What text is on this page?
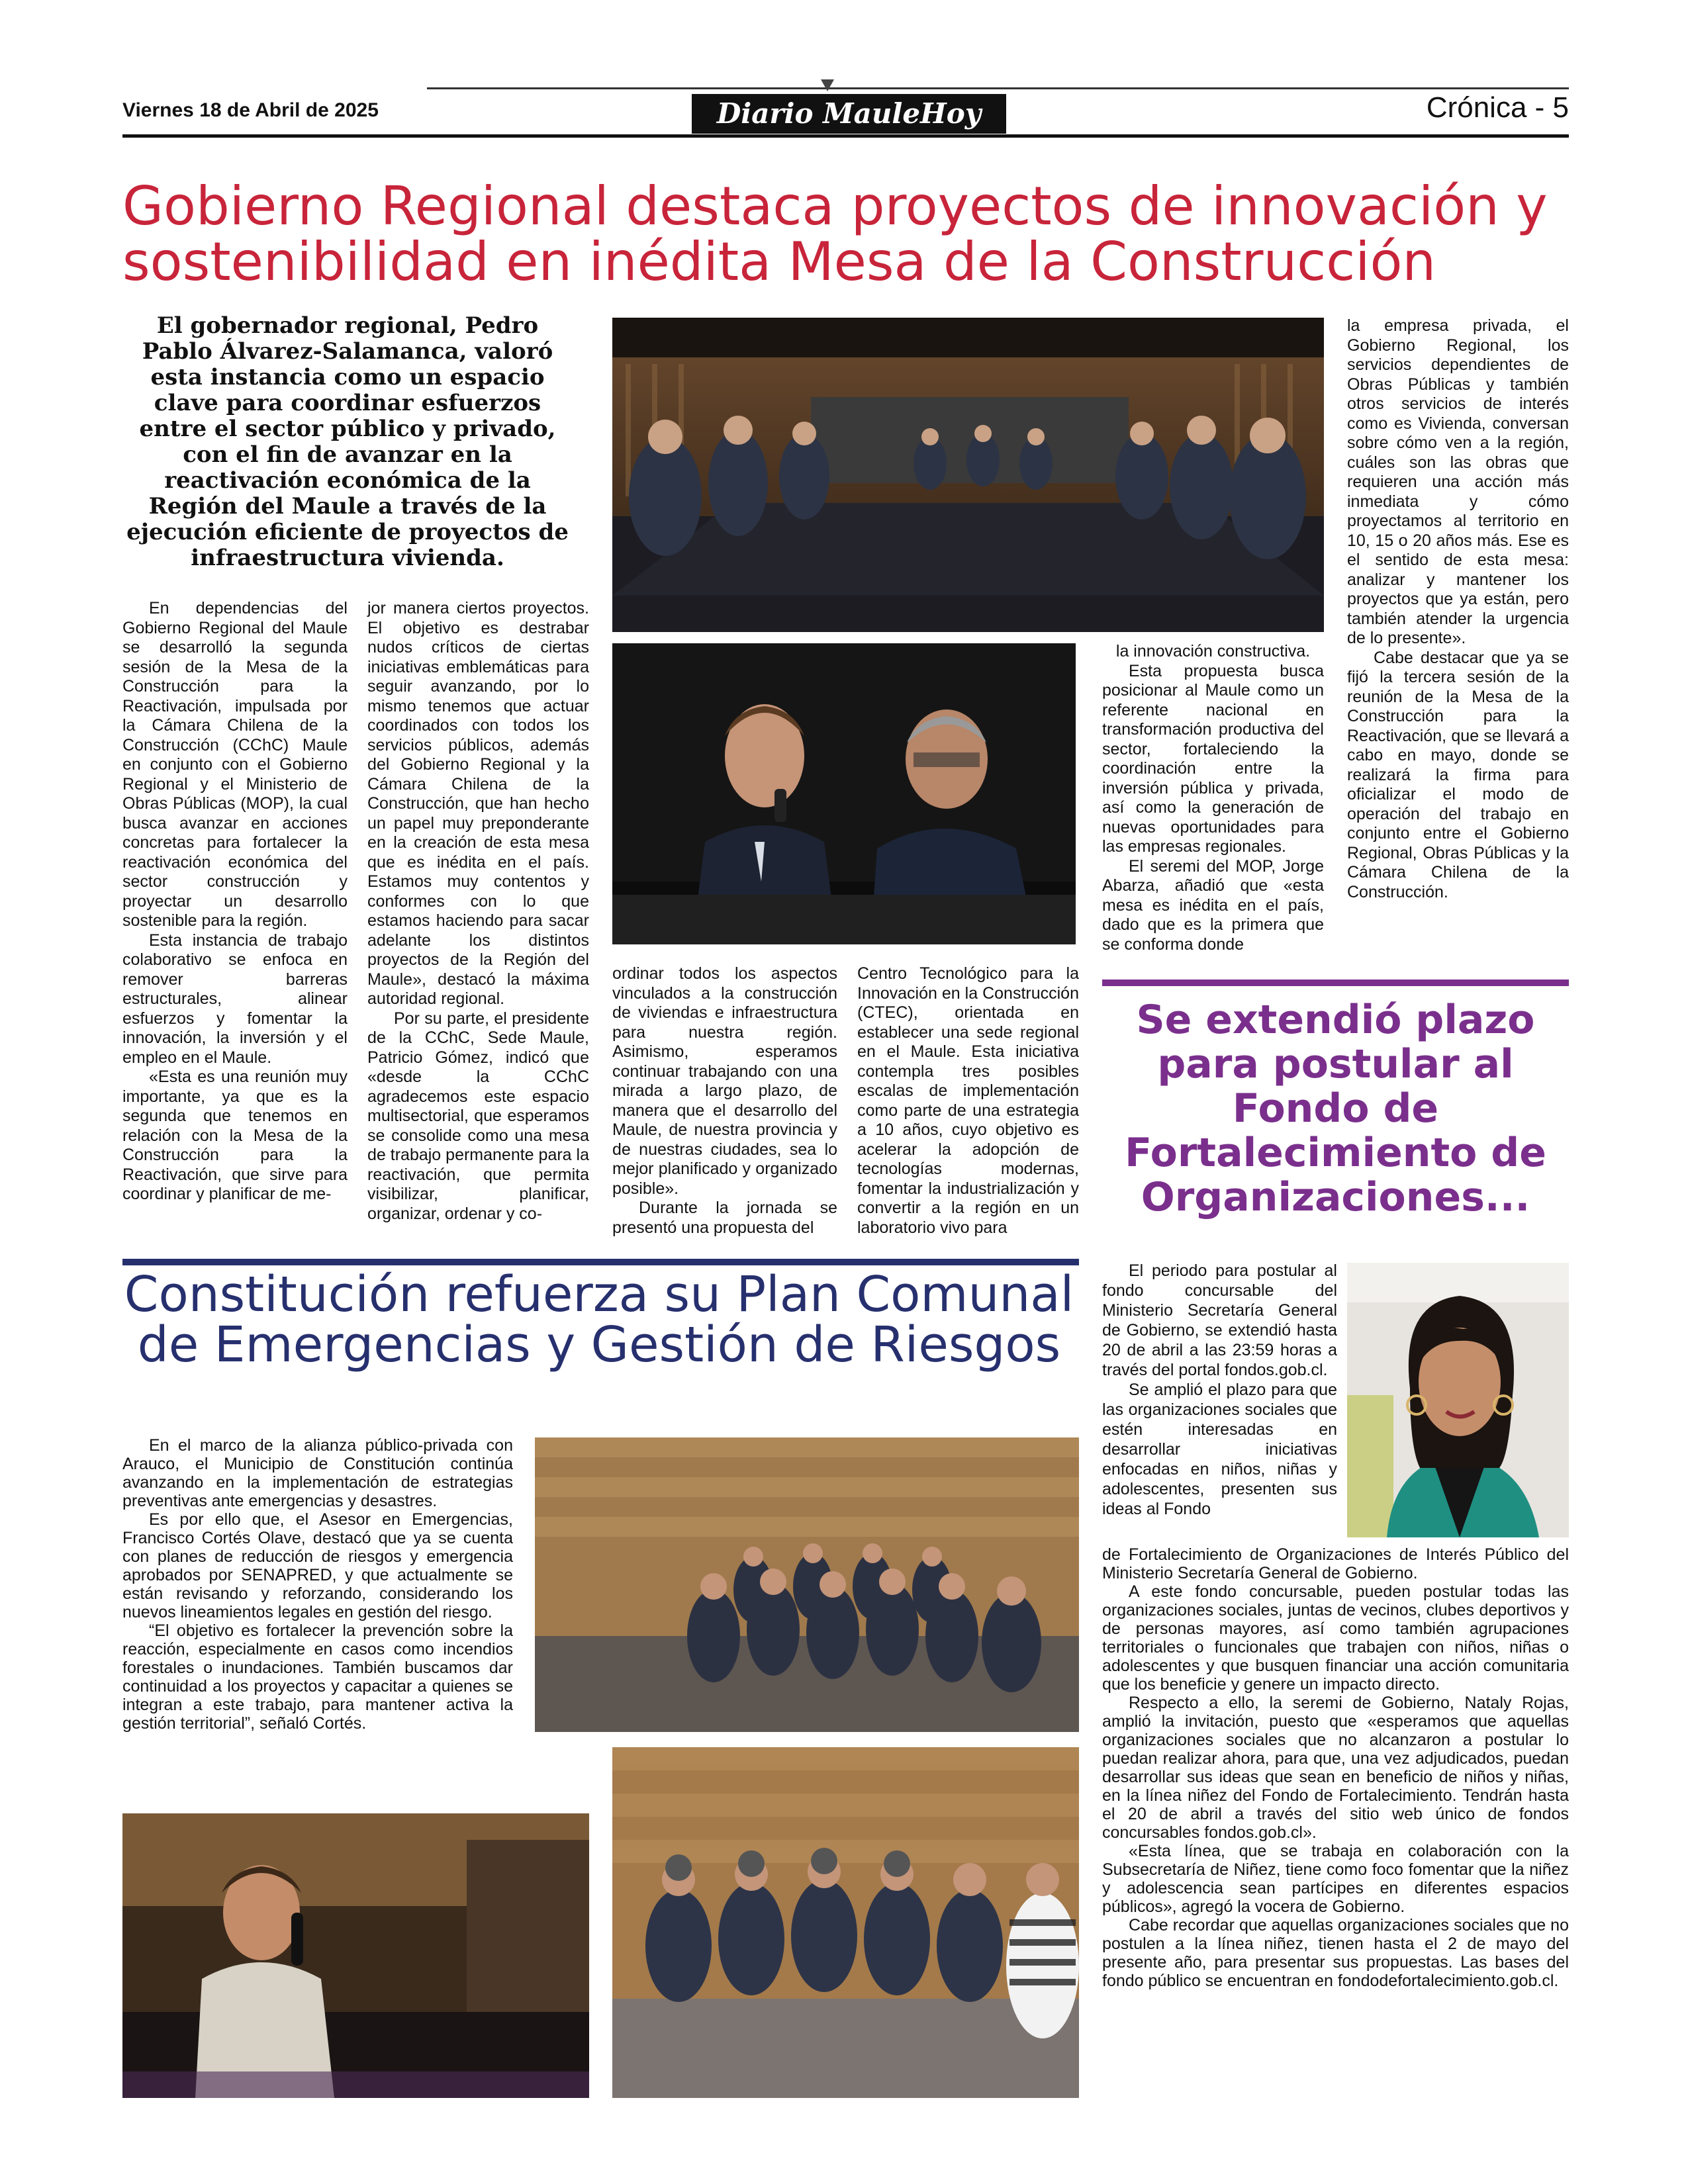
Viernes 18 de Abril de 2025	Diario MauleHoy	Crónica - 5
Gobierno Regional destaca proyectos de innovación y sostenibilidad en inédita Mesa de la Construcción
El gobernador regional, Pedro Pablo Álvarez-Salamanca, valoró esta instancia como un espacio clave para coordinar esfuerzos entre el sector público y privado, con el fin de avanzar en la reactivación económica de la Región del Maule a través de la ejecución eficiente de proyectos de infraestructura vivienda.

En dependencias del Gobierno Regional del Maule se desarrolló la segunda sesión de la Mesa de la Construcción para la Reactivación, impulsada por la Cámara Chilena de la Construcción (CChC) Maule en conjunto con el Gobierno Regional y el Ministerio de Obras Públicas (MOP), la cual busca avanzar en acciones concretas para fortalecer la reactivación económica del sector construcción y proyectar un desarrollo sostenible para la región.

Esta instancia de trabajo colaborativo se enfoca en remover barreras estructurales, alinear esfuerzos y fomentar la innovación, la inversión y el empleo en el Maule.

«Esta es una reunión muy importante, ya que es la segunda que tenemos en relación con la Mesa de la Construcción para la Reactivación, que sirve para coordinar y planificar de me-

jor manera ciertos proyectos. El objetivo es destrabar nudos críticos de ciertas iniciativas emblemáticas para seguir avanzando, por lo mismo tenemos que actuar coordinados con todos los servicios públicos, además del Gobierno Regional y la Cámara Chilena de la Construcción, que han hecho un papel muy preponderante en la creación de esta mesa que es inédita en el país. Estamos muy contentos y conformes con lo que estamos haciendo para sacar adelante los distintos proyectos de la Región del Maule», destacó la máxima autoridad regional.

Por su parte, el presidente de la CChC, Sede Maule, Patricio Gómez, indicó que «desde la CChC agradecemos este espacio multisectorial, que esperamos se consolide como una mesa de trabajo permanente para la reactivación, que permita visibilizar, planificar, organizar, ordenar y co-

ordinar todos los aspectos vinculados a la construcción de viviendas e infraestructura para nuestra región. Asimismo, esperamos continuar trabajando con una mirada a largo plazo, de manera que el desarrollo del Maule, de nuestra provincia y de nuestras ciudades, sea lo mejor planificado y organizado posible».

Durante la jornada se presentó una propuesta del

Centro Tecnológico para la Innovación en la Construcción (CTEC), orientada en establecer una sede regional en el Maule. Esta iniciativa contempla tres posibles escalas de implementación como parte de una estrategia a 10 años, cuyo objetivo es acelerar la adopción de tecnologías modernas, fomentar la industrialización y convertir a la región en un laboratorio vivo para

la innovación constructiva.

Esta propuesta busca posicionar al Maule como un referente nacional en transformación productiva del sector, fortaleciendo la coordinación entre la inversión pública y privada, así como la generación de nuevas oportunidades para las empresas regionales.

El seremi del MOP, Jorge Abarza, añadió que «esta mesa es inédita en el país, dado que es la primera que se conforma donde

la empresa privada, el Gobierno Regional, los servicios dependientes de Obras Públicas y también otros servicios de interés como es Vivienda, conversan sobre cómo ven a la región, cuáles son las obras que requieren una acción más inmediata y cómo proyectamos al territorio en 10, 15 o 20 años más. Ese es el sentido de esta mesa: analizar y mantener los proyectos que ya están, pero también atender la urgencia de lo presente».

Cabe destacar que ya se fijó la tercera sesión de la reunión de la Mesa de la Construcción para la Reactivación, que se llevará a cabo en mayo, donde se realizará la firma para oficializar el modo de operación del trabajo en conjunto entre el Gobierno Regional, Obras Públicas y la Cámara Chilena de la Construcción.

Se extendió plazo para postular al Fondo de Fortalecimiento de Organizaciones...

El periodo para postular al fondo concursable del Ministerio Secretaría General de Gobierno, se extendió hasta 20 de abril a las 23:59 horas a través del portal fondos.gob.cl.

Se amplió el plazo para que las organizaciones sociales que estén interesadas en desarrollar iniciativas enfocadas en niños, niñas y adolescentes, presenten sus ideas al Fondo

de Fortalecimiento de Organizaciones de Interés Público del Ministerio Secretaría General de Gobierno.

A este fondo concursable, pueden postular todas las organizaciones sociales, juntas de vecinos, clubes deportivos y de personas mayores, así como también agrupaciones territoriales o funcionales que trabajen con niños, niñas o adolescentes y que busquen financiar una acción comunitaria que los beneficie y genere un impacto directo.

Respecto a ello, la seremi de Gobierno, Nataly Rojas, amplió la invitación, puesto que «esperamos que aquellas organizaciones sociales que no alcanzaron a postular lo puedan realizar ahora, para que, una vez adjudicados, puedan desarrollar sus ideas que sean en beneficio de niños y niñas, en la línea niñez del Fondo de Fortalecimiento. Tendrán hasta el 20 de abril a través del sitio web único de fondos concursables fondos.gob.cl».

«Esta línea, que se trabaja en colaboración con la Subsecretaría de Niñez, tiene como foco fomentar que la niñez y adolescencia sean partícipes en diferentes espacios públicos», agregó la vocera de Gobierno.

Cabe recordar que aquellas organizaciones sociales que no postulen a la línea niñez, tienen hasta el 2 de mayo del presente año, para presentar sus propuestas. Las bases del fondo público se encuentran en fondodefortalecimiento.gob.cl.

Constitución refuerza su Plan Comunal de Emergencias y Gestión de Riesgos

En el marco de la alianza público-privada con Arauco, el Municipio de Constitución continúa avanzando en la implementación de estrategias preventivas ante emergencias y desastres.

Es por ello que, el Asesor en Emergencias, Francisco Cortés Olave, destacó que ya se cuenta con planes de reducción de riesgos y emergencia aprobados por SENAPRED, y que actualmente se están revisando y reforzando, considerando los nuevos lineamientos legales en gestión del riesgo.

“El objetivo es fortalecer la prevención sobre la reacción, especialmente en casos como incendios forestales o inundaciones. También buscamos dar continuidad a los proyectos y capacitar a quienes se integran a este trabajo, para mantener activa la gestión territorial”, señaló Cortés.
